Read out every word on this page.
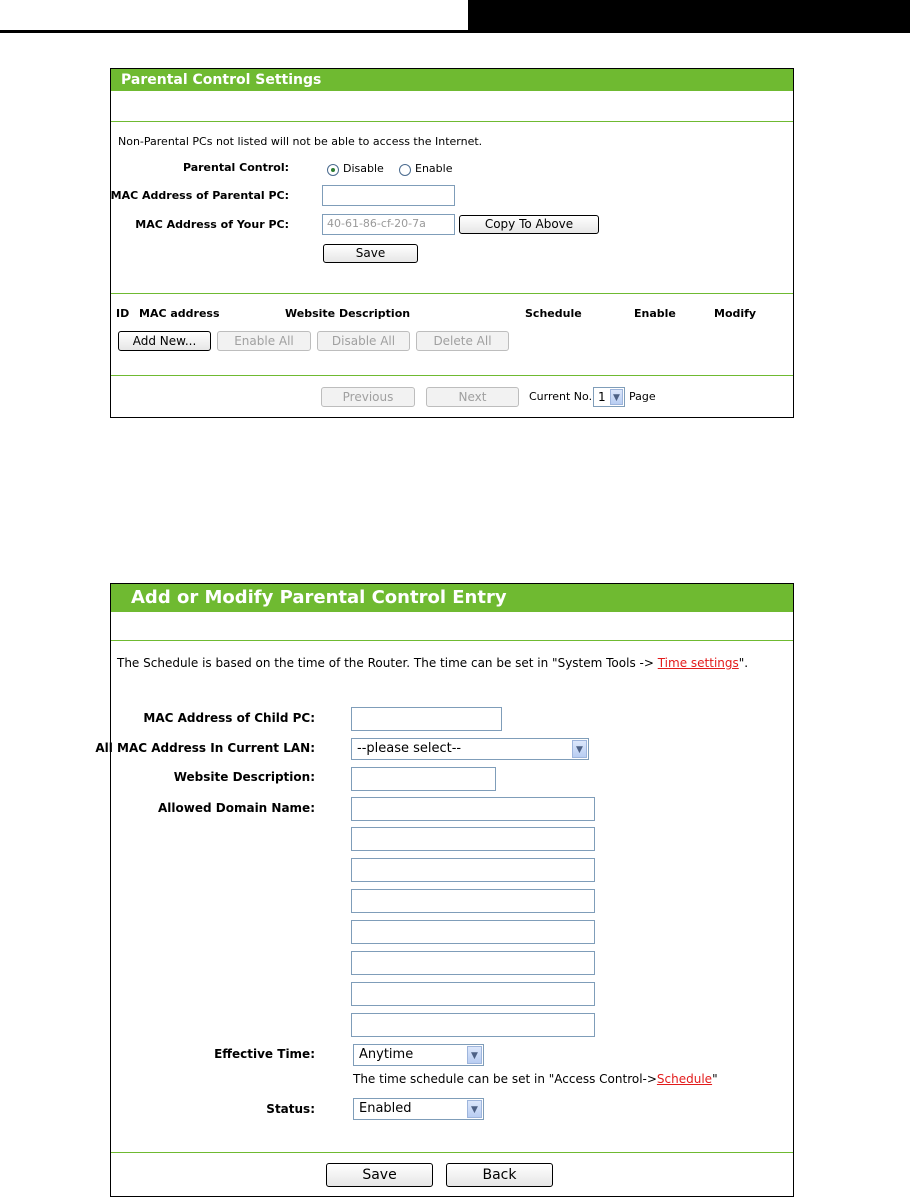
Parental Control Settings
Non-Parental PCs not listed will not be able to access the Internet.
Parental Control:	Disable	Enable
MAC Address of Parental PC:
MAC Address of Your PC:	40-61-86-cf-20-7a	Copy To Above
Save
ID MAC address	Website Description	Schedule	Enable	Modify
Add New...	Enable All	Disable All	Delete All
Previous	Next	Current No. 1 ▼ Page
Add or Modify Parental Control Entry
The Schedule is based on the time of the Router. The time can be set in "System Tools -> Time settings".
MAC Address of Child PC:
All MAC Address In Current LAN:	--please select--	▼
Website Description:
Allowed Domain Name:
Effective Time:	Anytime	▼
The time schedule can be set in "Access Control->Schedule"
Status:	Enabled	▼
Save	Back
